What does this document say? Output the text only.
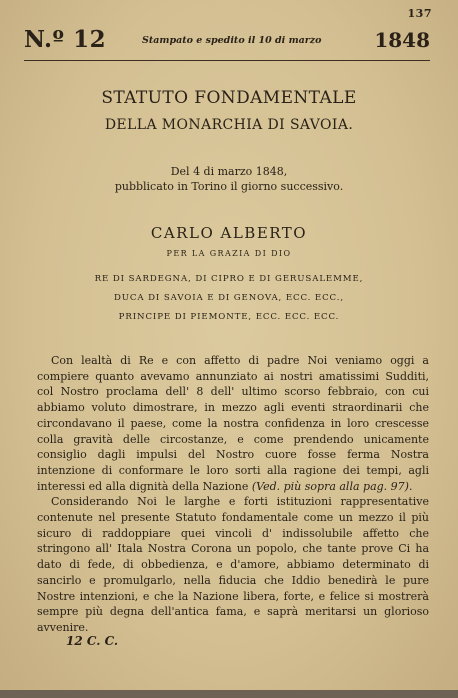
137
N.º 12	Stampato e spedito il 10 di marzo	1848
STATUTO FONDAMENTALE
DELLA MONARCHIA DI SAVOIA.
Del 4 di marzo 1848,
pubblicato in Torino il giorno successivo.
CARLO ALBERTO
PER LA GRAZIA DI DIO
RE DI SARDEGNA, DI CIPRO E DI GERUSALEMME,
DUCA DI SAVOIA E DI GENOVA, ECC. ECC.,
PRINCIPE DI PIEMONTE, ECC. ECC. ECC.

Con lealtà di Re e con affetto di padre Noi veniamo oggi a compiere quanto avevamo annunziato ai nostri amatissimi Sudditi, col Nostro proclama dell' 8 dell' ultimo scorso febbraio, con cui abbiamo voluto dimostrare, in mezzo agli eventi straordinarii che circondavano il paese, come la nostra confidenza in loro crescesse colla gravità delle circostanze, e come prendendo unicamente consiglio dagli impulsi del Nostro cuore fosse ferma Nostra intenzione di conformare le loro sorti alla ragione dei tempi, agli interessi ed alla dignità della Nazione (Ved. più sopra alla pag. 97).

Considerando Noi le larghe e forti istituzioni rappresentative contenute nel presente Statuto fondamentale come un mezzo il più sicuro di raddoppiare quei vincoli d' indissolubile affetto che stringono all' Itala Nostra Corona un popolo, che tante prove Ci ha dato di fede, di obbedienza, e d'amore, abbiamo determinato di sancirlo e promulgarlo, nella fiducia che Iddio benedirà le pure Nostre intenzioni, e che la Nazione libera, forte, e felice si mostrerà sempre più degna dell'antica fama, e saprà meritarsi un glorioso avvenire.

12 C. C.
